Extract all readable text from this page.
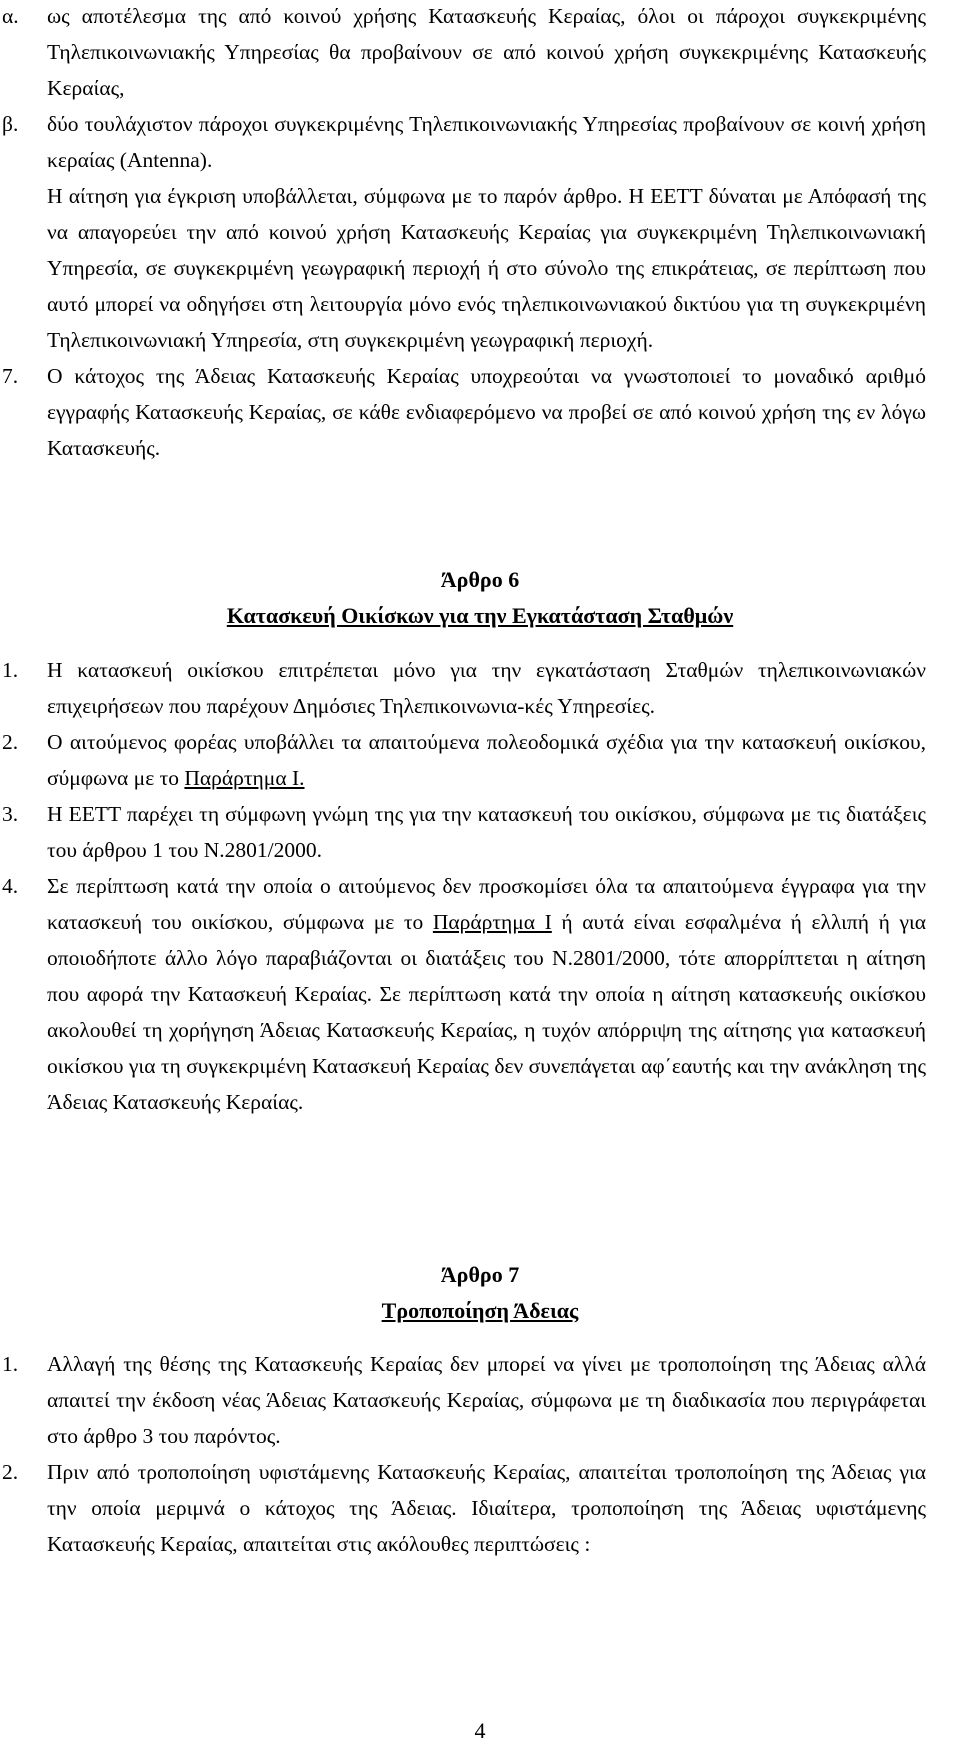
α. ως αποτέλεσμα της από κοινού χρήσης Κατασκευής Κεραίας, όλοι οι πάροχοι συγκεκριμένης Τηλεπικοινωνιακής Υπηρεσίας θα προβαίνουν σε από κοινού χρήση συγκεκριμένης Κατασκευής Κεραίας,

β. δύο τουλάχιστον πάροχοι συγκεκριμένης Τηλεπικοινωνιακής Υπηρεσίας προβαίνουν σε κοινή χρήση κεραίας (Antenna).

Η αίτηση για έγκριση υποβάλλεται, σύμφωνα με το παρόν άρθρο. Η ΕΕΤΤ δύναται με Απόφασή της να απαγορεύει την από κοινού χρήση Κατασκευής Κεραίας για συγκεκριμένη Τηλεπικοινωνιακή Υπηρεσία, σε συγκεκριμένη γεωγραφική περιοχή ή στο σύνολο της επικράτειας, σε περίπτωση που αυτό μπορεί να οδηγήσει στη λειτουργία μόνο ενός τηλεπικοινωνιακού δικτύου για τη συγκεκριμένη Τηλεπικοινωνιακή Υπηρεσία, στη συγκεκριμένη γεωγραφική περιοχή.

7. Ο κάτοχος της Άδειας Κατασκευής Κεραίας υποχρεούται να γνωστοποιεί το μοναδικό αριθμό εγγραφής Κατασκευής Κεραίας, σε κάθε ενδιαφερόμενο να προβεί σε από κοινού χρήση της εν λόγω Κατασκευής.

Άρθρο 6
Κατασκευή Οικίσκων για την Εγκατάσταση Σταθμών

1. Η κατασκευή οικίσκου επιτρέπεται μόνο για την εγκατάσταση Σταθμών τηλεπικοινωνιακών επιχειρήσεων που παρέχουν Δημόσιες Τηλεπικοινωνια-κές Υπηρεσίες.

2. Ο αιτούμενος φορέας υποβάλλει τα απαιτούμενα πολεοδομικά σχέδια για την κατασκευή οικίσκου, σύμφωνα με το Παράρτημα Ι.

3. Η ΕΕΤΤ παρέχει τη σύμφωνη γνώμη της για την κατασκευή του οικίσκου, σύμφωνα με τις διατάξεις του άρθρου 1 του Ν.2801/2000.

4. Σε περίπτωση κατά την οποία ο αιτούμενος δεν προσκομίσει όλα τα απαιτούμενα έγγραφα για την κατασκευή του οικίσκου, σύμφωνα με το Παράρτημα Ι ή αυτά είναι εσφαλμένα ή ελλιπή ή για οποιοδήποτε άλλο λόγο παραβιάζονται οι διατάξεις του Ν.2801/2000, τότε απορρίπτεται η αίτηση που αφορά την Κατασκευή Κεραίας. Σε περίπτωση κατά την οποία η αίτηση κατασκευής οικίσκου ακολουθεί τη χορήγηση Άδειας Κατασκευής Κεραίας, η τυχόν απόρριψη της αίτησης για κατασκευή οικίσκου για τη συγκεκριμένη Κατασκευή Κεραίας δεν συνεπάγεται αφ΄εαυτής και την ανάκληση της Άδειας Κατασκευής Κεραίας.

Άρθρο 7
Τροποποίηση Άδειας

1. Αλλαγή της θέσης της Κατασκευής Κεραίας δεν μπορεί να γίνει με τροποποίηση της Άδειας αλλά απαιτεί την έκδοση νέας Άδειας Κατασκευής Κεραίας, σύμφωνα με τη διαδικασία που περιγράφεται στο άρθρο 3 του παρόντος.

2. Πριν από τροποποίηση υφιστάμενης Κατασκευής Κεραίας, απαιτείται τροποποίηση της Άδειας για την οποία μεριμνά ο κάτοχος της Άδειας. Ιδιαίτερα, τροποποίηση της Άδειας υφιστάμενης Κατασκευής Κεραίας, απαιτείται στις ακόλουθες περιπτώσεις :

4
